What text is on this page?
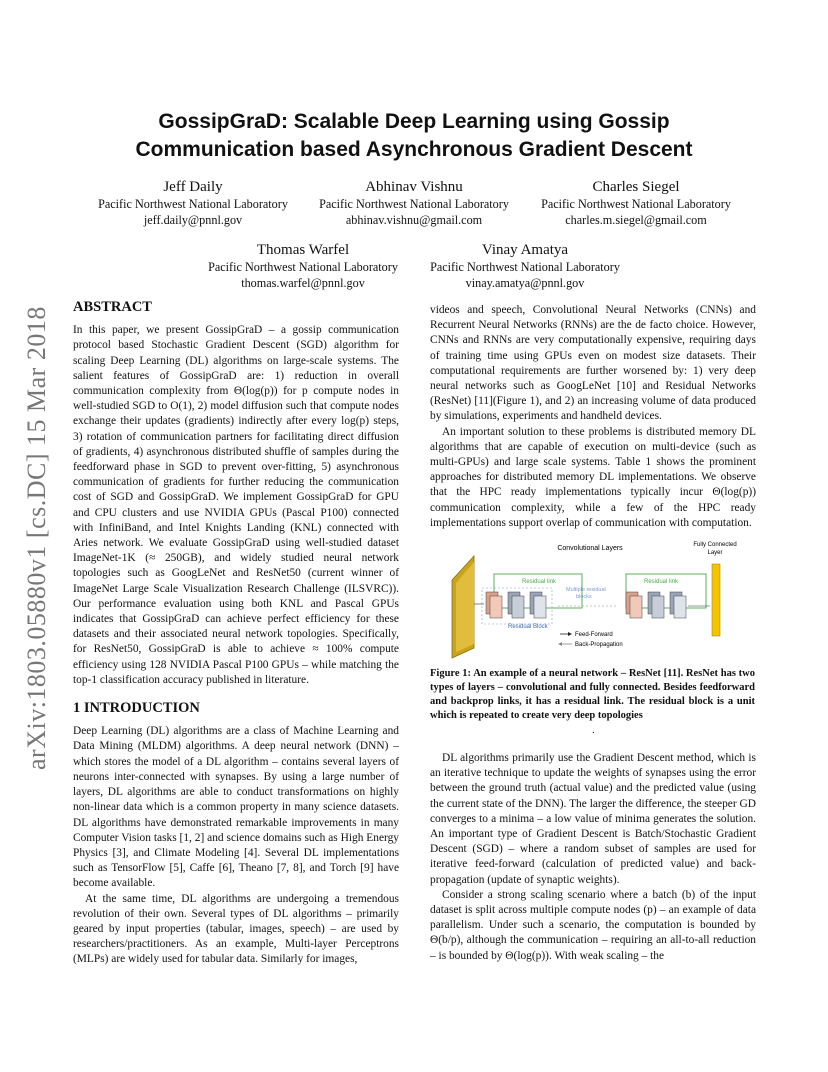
arXiv:1803.05880v1 [cs.DC] 15 Mar 2018
GossipGraD: Scalable Deep Learning using Gossip
Communication based Asynchronous Gradient Descent
Jeff Daily
Pacific Northwest National Laboratory
jeff.daily@pnnl.gov
Abhinav Vishnu
Pacific Northwest National Laboratory
abhinav.vishnu@gmail.com
Charles Siegel
Pacific Northwest National Laboratory
charles.m.siegel@gmail.com
Thomas Warfel
Pacific Northwest National Laboratory
thomas.warfel@pnnl.gov
Vinay Amatya
Pacific Northwest National Laboratory
vinay.amatya@pnnl.gov
ABSTRACT

In this paper, we present GossipGraD – a gossip communication protocol based Stochastic Gradient Descent (SGD) algorithm for scaling Deep Learning (DL) algorithms on large-scale systems. The salient features of GossipGraD are: 1) reduction in overall communication complexity from Θ(log(p)) for p compute nodes in well-studied SGD to O(1), 2) model diffusion such that compute nodes exchange their updates (gradients) indirectly after every log(p) steps, 3) rotation of communication partners for facilitating direct diffusion of gradients, 4) asynchronous distributed shuffle of samples during the feedforward phase in SGD to prevent over-fitting, 5) asynchronous communication of gradients for further reducing the communication cost of SGD and GossipGraD. We implement GossipGraD for GPU and CPU clusters and use NVIDIA GPUs (Pascal P100) connected with InfiniBand, and Intel Knights Landing (KNL) connected with Aries network. We evaluate GossipGraD using well-studied dataset ImageNet-1K (≈ 250GB), and widely studied neural network topologies such as GoogLeNet and ResNet50 (current winner of ImageNet Large Scale Visualization Research Challenge (ILSVRC)). Our performance evaluation using both KNL and Pascal GPUs indicates that GossipGraD can achieve perfect efficiency for these datasets and their associated neural network topologies. Specifically, for ResNet50, GossipGraD is able to achieve ≈ 100% compute efficiency using 128 NVIDIA Pascal P100 GPUs – while matching the top-1 classification accuracy published in literature.

1 INTRODUCTION

Deep Learning (DL) algorithms are a class of Machine Learning and Data Mining (MLDM) algorithms. A deep neural network (DNN) – which stores the model of a DL algorithm – contains several layers of neurons inter-connected with synapses. By using a large number of layers, DL algorithms are able to conduct transformations on highly non-linear data which is a common property in many science datasets. DL algorithms have demonstrated remarkable improvements in many Computer Vision tasks [1, 2] and science domains such as High Energy Physics [3], and Climate Modeling [4]. Several DL implementations such as TensorFlow [5], Caffe [6], Theano [7, 8], and Torch [9] have become available.

At the same time, DL algorithms are undergoing a tremendous revolution of their own. Several types of DL algorithms – primarily geared by input properties (tabular, images, speech) – are used by researchers/practitioners. As an example, Multi-layer Perceptrons (MLPs) are widely used for tabular data. Similarly for images,

videos and speech, Convolutional Neural Networks (CNNs) and Recurrent Neural Networks (RNNs) are the de facto choice. However, CNNs and RNNs are very computationally expensive, requiring days of training time using GPUs even on modest size datasets. Their computational requirements are further worsened by: 1) very deep neural networks such as GoogLeNet [10] and Residual Networks (ResNet) [11](Figure 1), and 2) an increasing volume of data produced by simulations, experiments and handheld devices.

An important solution to these problems is distributed memory DL algorithms that are capable of execution on multi-device (such as multi-GPUs) and large scale systems. Table 1 shows the prominent approaches for distributed memory DL implementations. We observe that the HPC ready implementations typically incur Θ(log(p)) communication complexity, while a few of the HPC ready implementations support overlap of communication with computation.

Convolutional Layers	Fully Connected
Layer
Residual link
Residual Block
Multiple residual
blocks
Residual link
Feed-Forward
Back-Propagation
Figure 1: An example of a neural network – ResNet [11]. ResNet has two types of layers – convolutional and fully connected. Besides feedforward and backprop links, it has a residual link. The residual block is a unit which is repeated to create very deep topologies
.

DL algorithms primarily use the Gradient Descent method, which is an iterative technique to update the weights of synapses using the error between the ground truth (actual value) and the predicted value (using the current state of the DNN). The larger the difference, the steeper GD converges to a minima – a low value of minima generates the solution. An important type of Gradient Descent is Batch/Stochastic Gradient Descent (SGD) – where a random subset of samples are used for iterative feed-forward (calculation of predicted value) and back-propagation (update of synaptic weights).

Consider a strong scaling scenario where a batch (b) of the input dataset is split across multiple compute nodes (p) – an example of data parallelism. Under such a scenario, the computation is bounded by Θ(b/p), although the communication – requiring an all-to-all reduction – is bounded by Θ(log(p)). With weak scaling – the
